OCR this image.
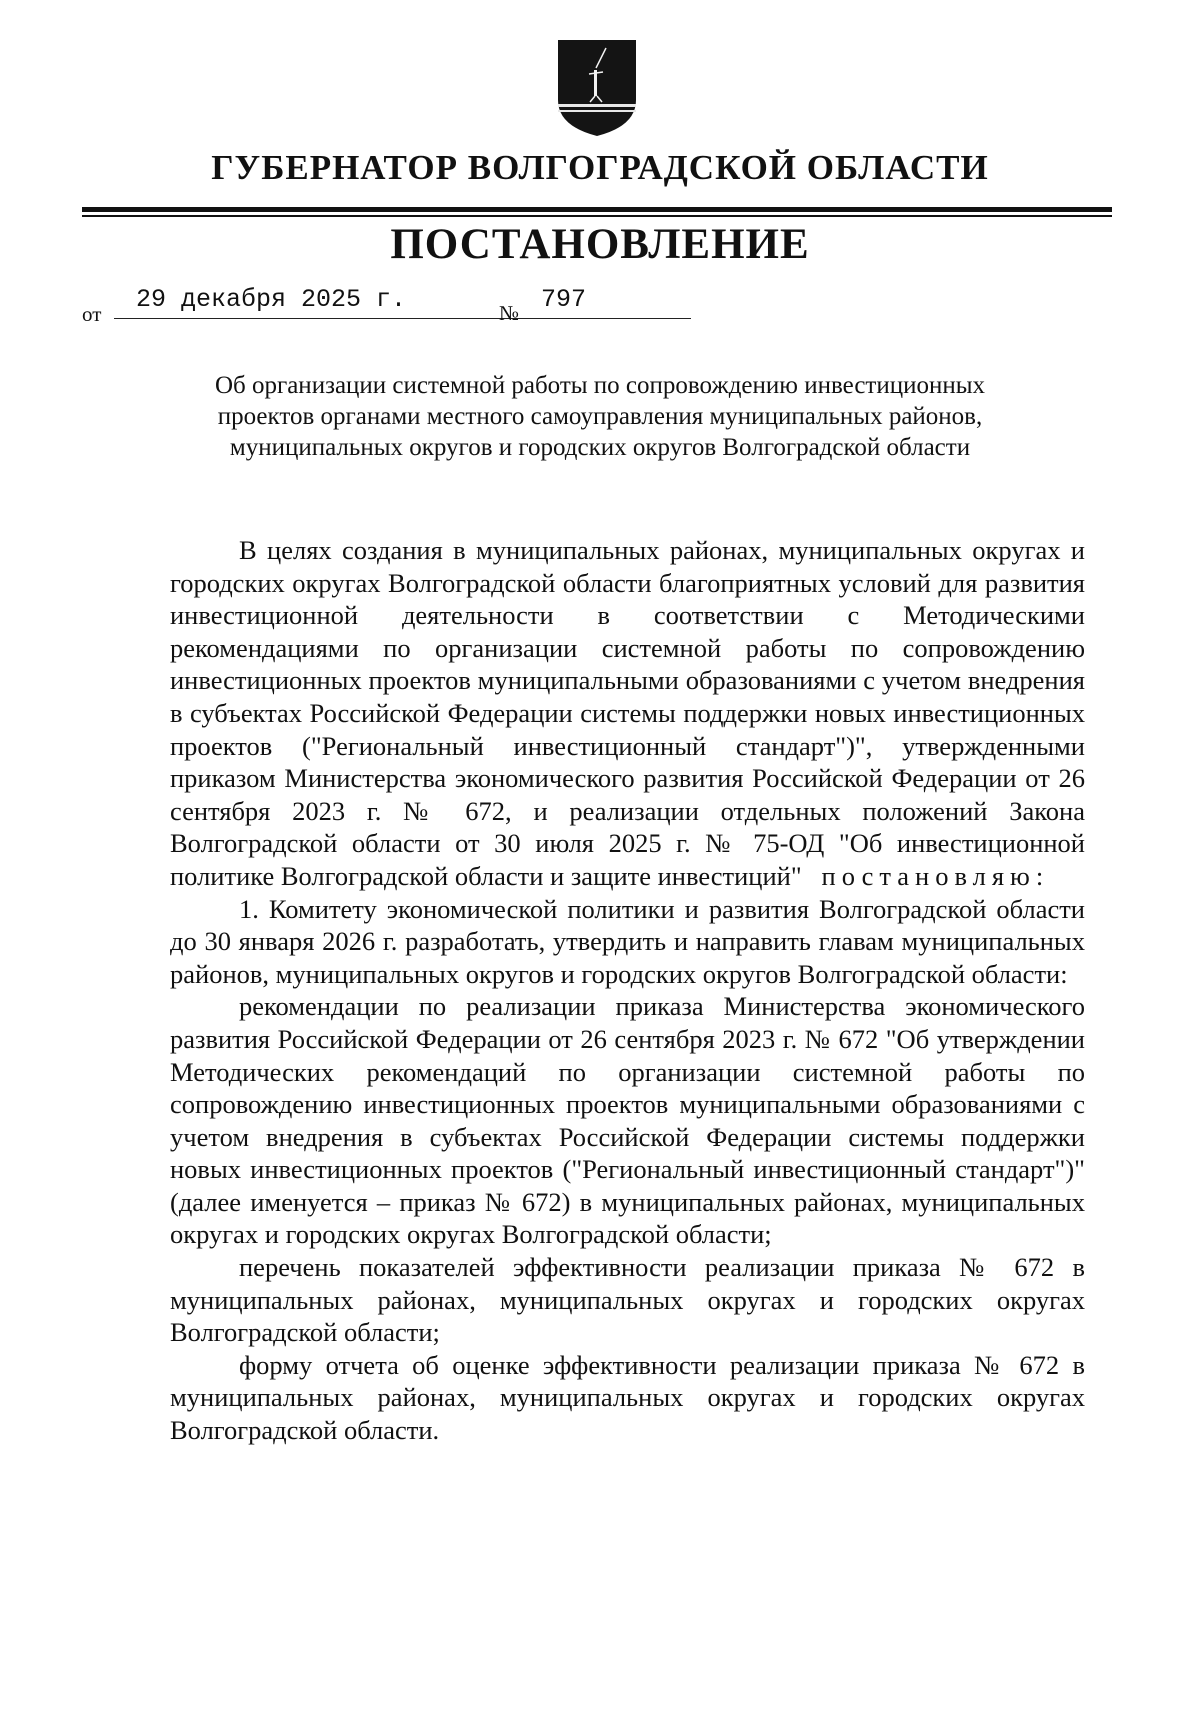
ГУБЕРНАТОР ВОЛГОГРАДСКОЙ ОБЛАСТИ
ПОСТАНОВЛЕНИЕ
от	29 декабря 2025 г.	№ 797
Об организации системной работы по сопровождению инвестиционных
проектов органами местного самоуправления муниципальных районов,
муниципальных округов и городских округов Волгоградской области

В целях создания в муниципальных районах, муниципальных округах и городских округах Волгоградской области благоприятных условий для развития инвестиционной деятельности в соответствии с Методическими рекомендациями по организации системной работы по сопровождению инвестиционных проектов муниципальными образованиями с учетом внедрения в субъектах Российской Федерации системы поддержки новых инвестиционных проектов ("Региональный инвестиционный стандарт")", утвержденными приказом Министерства экономического развития Российской Федерации от 26 сентября 2023 г. № 672, и реализации отдельных положений Закона Волгоградской области от 30 июля 2025 г. № 75-ОД "Об инвестиционной политике Волгоградской области и защите инвестиций" постановляю:

1. Комитету экономической политики и развития Волгоградской области до 30 января 2026 г. разработать, утвердить и направить главам муниципальных районов, муниципальных округов и городских округов Волгоградской области:

рекомендации по реализации приказа Министерства экономического развития Российской Федерации от 26 сентября 2023 г. № 672 "Об утверждении Методических рекомендаций по организации системной работы по сопровождению инвестиционных проектов муниципальными образованиями с учетом внедрения в субъектах Российской Федерации системы поддержки новых инвестиционных проектов ("Региональный инвестиционный стандарт")" (далее именуется – приказ № 672) в муниципальных районах, муниципальных округах и городских округах Волгоградской области;

перечень показателей эффективности реализации приказа № 672 в муниципальных районах, муниципальных округах и городских округах Волгоградской области;

форму отчета об оценке эффективности реализации приказа № 672 в муниципальных районах, муниципальных округах и городских округах Волгоградской области.
